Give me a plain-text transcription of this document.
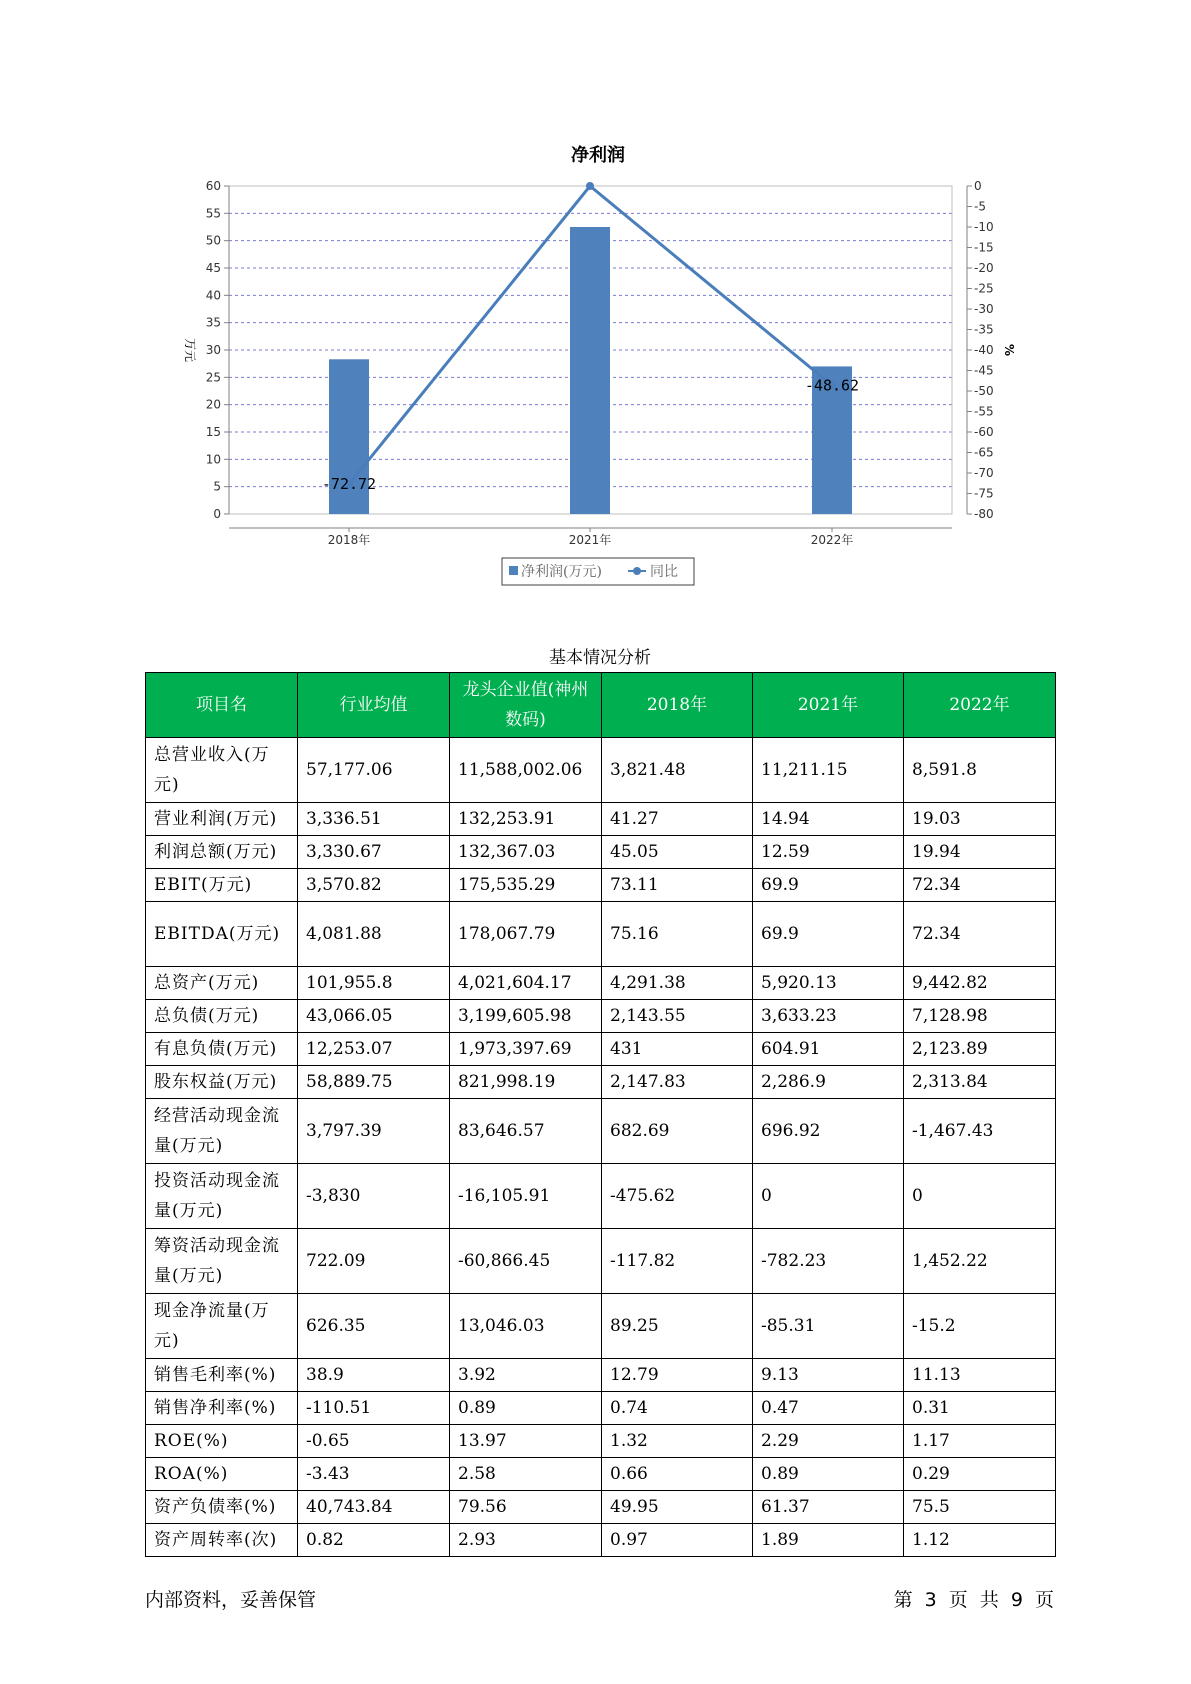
净利润
0
5
10
15
20
25
30
35
40
45
50
55
60	0
-5
-10
-15
-20
-25
-30
-35
-40
-45
-50
-55
-60
-65
-70
-75
-80
万元	%
-72.72
-48.62
2018年	2021年	2022年
净利润(万元)	同比
基本情况分析
项目名	行业均值	龙头企业值(神州数码)	2018年	2021年	2022年
总营业收入(万元)	57,177.06	11,588,002.06	3,821.48	11,211.15	8,591.8
营业利润(万元)	3,336.51	132,253.91	41.27	14.94	19.03
利润总额(万元)	3,330.67	132,367.03	45.05	12.59	19.94
EBIT(万元)	3,570.82	175,535.29	73.11	69.9	72.34
EBITDA(万元)	4,081.88	178,067.79	75.16	69.9	72.34
总资产(万元)	101,955.8	4,021,604.17	4,291.38	5,920.13	9,442.82
总负债(万元)	43,066.05	3,199,605.98	2,143.55	3,633.23	7,128.98
有息负债(万元)	12,253.07	1,973,397.69	431	604.91	2,123.89
股东权益(万元)	58,889.75	821,998.19	2,147.83	2,286.9	2,313.84
经营活动现金流量(万元)	3,797.39	83,646.57	682.69	696.92	-1,467.43
投资活动现金流量(万元)	-3,830	-16,105.91	-475.62	0	0
筹资活动现金流量(万元)	722.09	-60,866.45	-117.82	-782.23	1,452.22
现金净流量(万元)	626.35	13,046.03	89.25	-85.31	-15.2
销售毛利率(%)	38.9	3.92	12.79	9.13	11.13
销售净利率(%)	-110.51	0.89	0.74	0.47	0.31
ROE(%)	-0.65	13.97	1.32	2.29	1.17
ROA(%)	-3.43	2.58	0.66	0.89	0.29
资产负债率(%)	40,743.84	79.56	49.95	61.37	75.5
资产周转率(次)	0.82	2.93	0.97	1.89	1.12
内部资料，妥善保管	第 3 页 共 9 页
